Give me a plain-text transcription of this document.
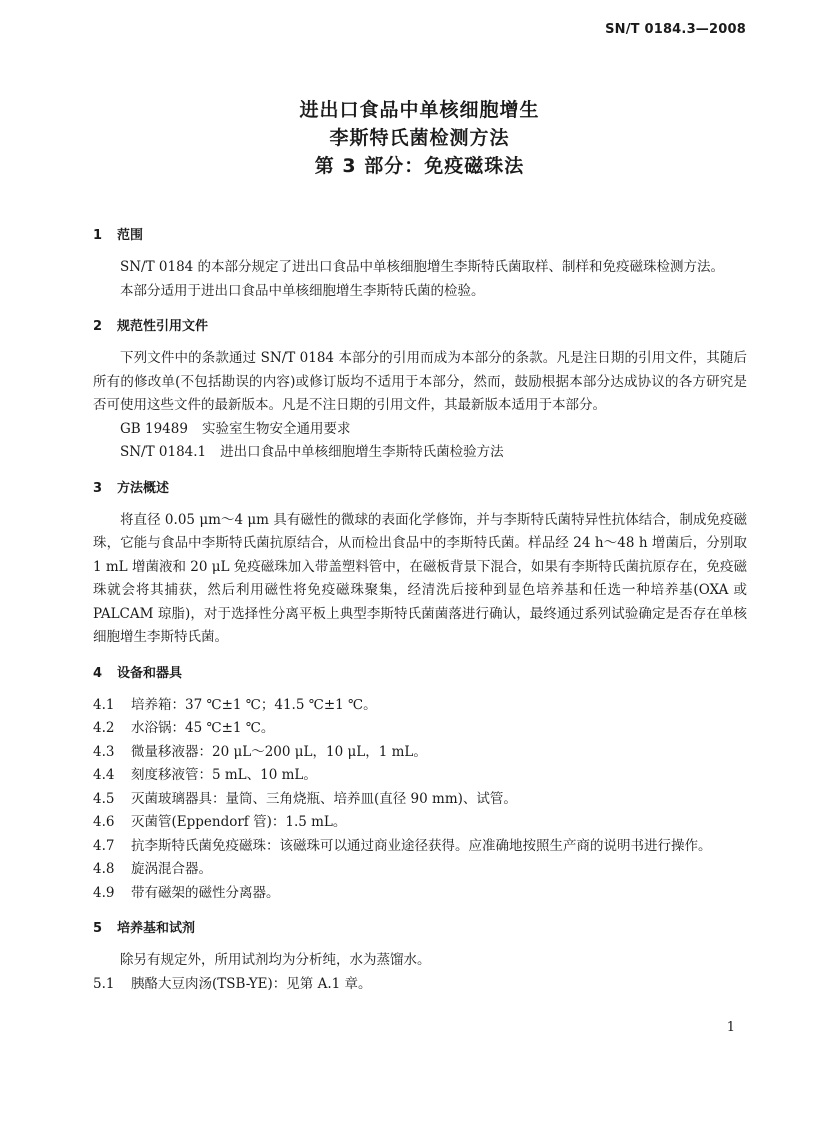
SN/T 0184.3—2008
进出口食品中单核细胞增生
李斯特氏菌检测方法
第 3 部分：免疫磁珠法
1 范围

SN/T 0184 的本部分规定了进出口食品中单核细胞增生李斯特氏菌取样、制样和免疫磁珠检测方法。

本部分适用于进出口食品中单核细胞增生李斯特氏菌的检验。

2 规范性引用文件

下列文件中的条款通过 SN/T 0184 本部分的引用而成为本部分的条款。凡是注日期的引用文件，其随后所有的修改单(不包括勘误的内容)或修订版均不适用于本部分，然而，鼓励根据本部分达成协议的各方研究是否可使用这些文件的最新版本。凡是不注日期的引用文件，其最新版本适用于本部分。

GB 19489 实验室生物安全通用要求

SN/T 0184.1 进出口食品中单核细胞增生李斯特氏菌检验方法

3 方法概述

将直径 0.05 μm～4 μm 具有磁性的微球的表面化学修饰，并与李斯特氏菌特异性抗体结合，制成免疫磁珠，它能与食品中李斯特氏菌抗原结合，从而检出食品中的李斯特氏菌。样品经 24 h～48 h 增菌后，分别取 1 mL 增菌液和 20 μL 免疫磁珠加入带盖塑料管中，在磁板背景下混合，如果有李斯特氏菌抗原存在，免疫磁珠就会将其捕获，然后利用磁性将免疫磁珠聚集，经清洗后接种到显色培养基和任选一种培养基(OXA 或 PALCAM 琼脂)，对于选择性分离平板上典型李斯特氏菌菌落进行确认，最终通过系列试验确定是否存在单核细胞增生李斯特氏菌。

4 设备和器具

4.1 培养箱：37 ℃±1 ℃；41.5 ℃±1 ℃。

4.2 水浴锅：45 ℃±1 ℃。

4.3 微量移液器：20 μL～200 μL，10 μL，1 mL。

4.4 刻度移液管：5 mL、10 mL。

4.5 灭菌玻璃器具：量筒、三角烧瓶、培养皿(直径 90 mm)、试管。

4.6 灭菌管(Eppendorf 管)：1.5 mL。

4.7 抗李斯特氏菌免疫磁珠：该磁珠可以通过商业途径获得。应准确地按照生产商的说明书进行操作。

4.8 旋涡混合器。

4.9 带有磁架的磁性分离器。

5 培养基和试剂

除另有规定外，所用试剂均为分析纯，水为蒸馏水。

5.1 胰酪大豆肉汤(TSB-YE)：见第 A.1 章。

1
